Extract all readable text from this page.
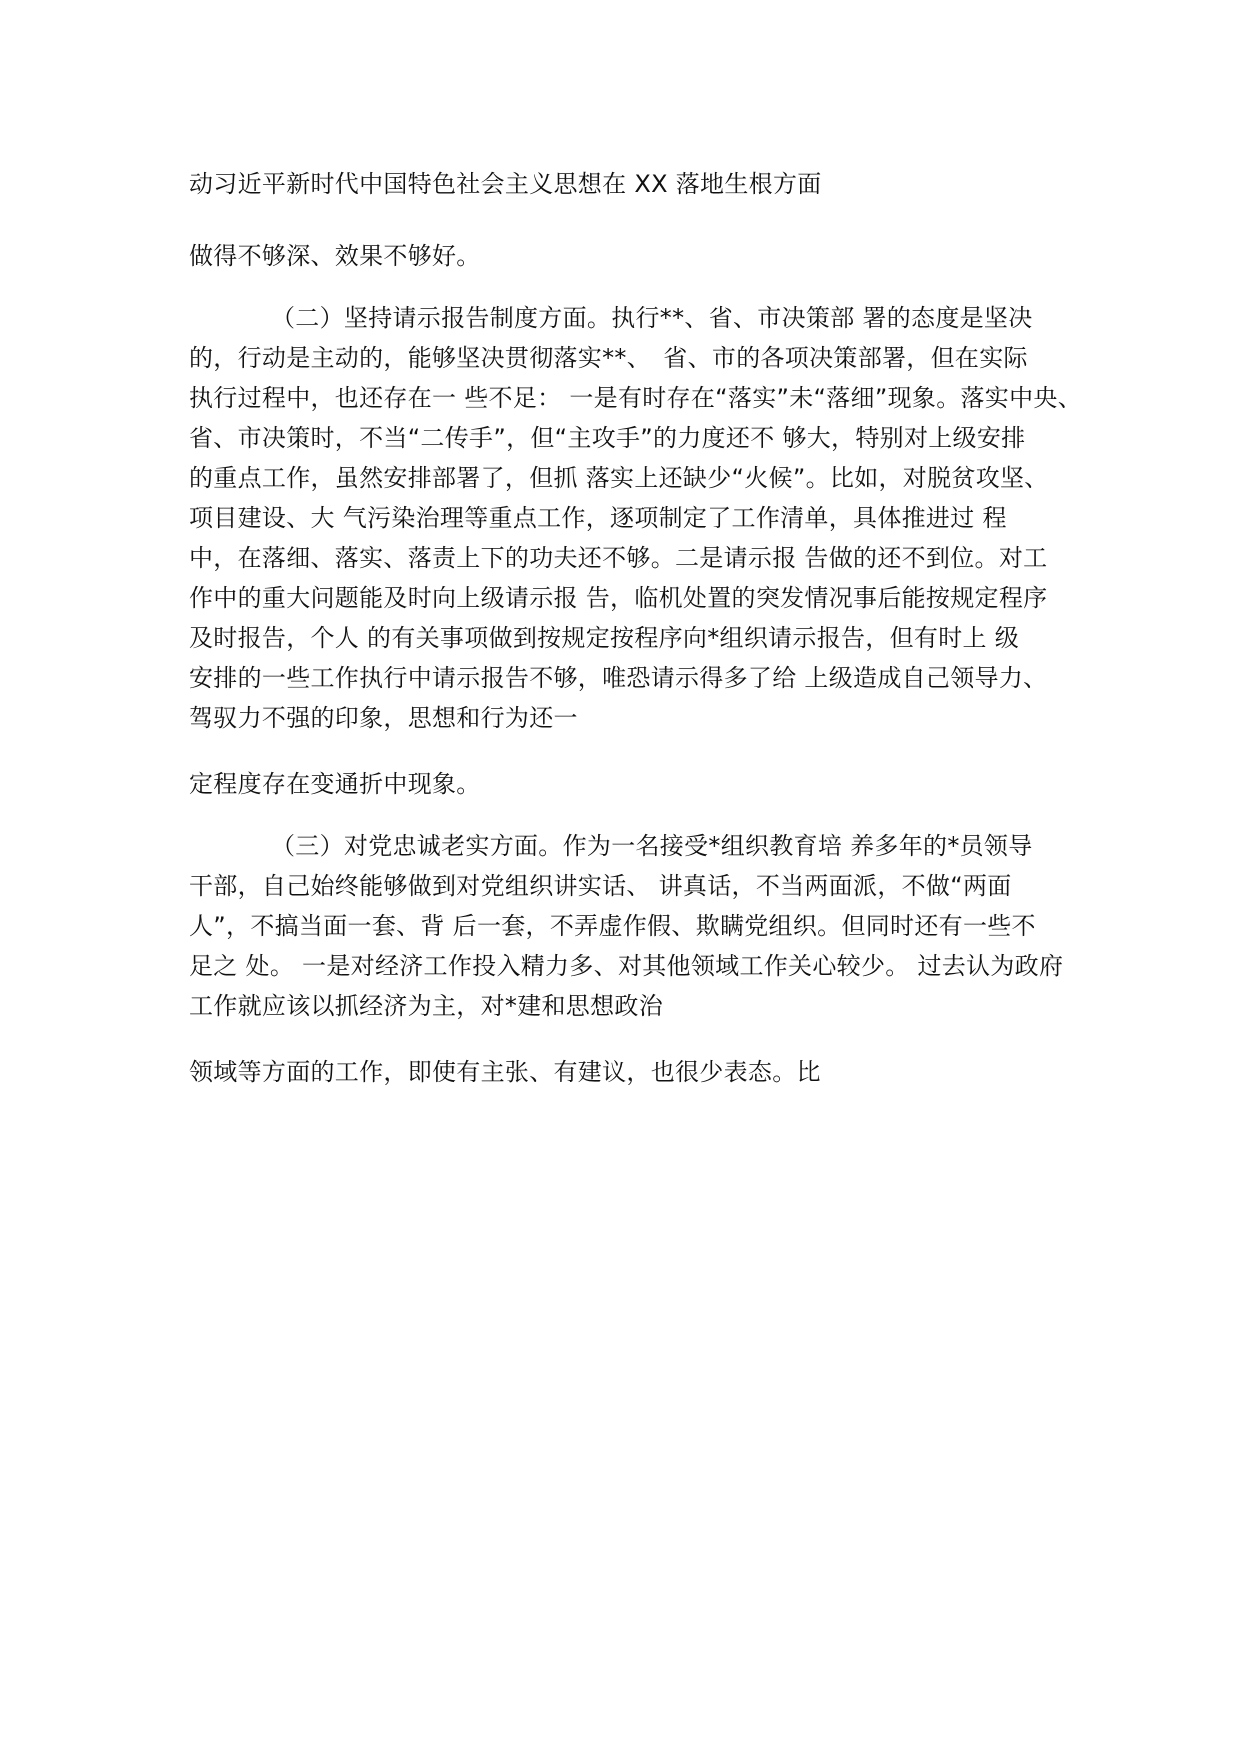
动习近平新时代中国特色社会主义思想在 XX 落地生根方面
做得不够深、效果不够好。
（二）坚持请示报告制度方面。执行**、省、市决策部 署的态度是坚决
的，行动是主动的，能够坚决贯彻落实**、　省、市的各项决策部署，但在实际
执行过程中，也还存在一 些不足： 一是有时存在“落实”未“落细”现象。落实中央、
省、市决策时，不当“二传手”，但“主攻手”的力度还不 够大，特别对上级安排
的重点工作，虽然安排部署了，但抓 落实上还缺少“火候”。比如，对脱贫攻坚、
项目建设、大 气污染治理等重点工作，逐项制定了工作清单，具体推进过 程
中，在落细、落实、落责上下的功夫还不够。二是请示报 告做的还不到位。对工
作中的重大问题能及时向上级请示报 告，临机处置的突发情况事后能按规定程序
及时报告，个人 的有关事项做到按规定按程序向*组织请示报告，但有时上 级
安排的一些工作执行中请示报告不够，唯恐请示得多了给 上级造成自己领导力、
驾驭力不强的印象，思想和行为还一
定程度存在变通折中现象。
（三）对党忠诚老实方面。作为一名接受*组织教育培 养多年的*员领导
干部，自己始终能够做到对党组织讲实话、 讲真话，不当两面派，不做“两面
人”，不搞当面一套、背 后一套，不弄虚作假、欺瞒党组织。但同时还有一些不
足之 处。 一是对经济工作投入精力多、对其他领域工作关心较少。 过去认为政府
工作就应该以抓经济为主，对*建和思想政治
领域等方面的工作，即使有主张、有建议，也很少表态。比
